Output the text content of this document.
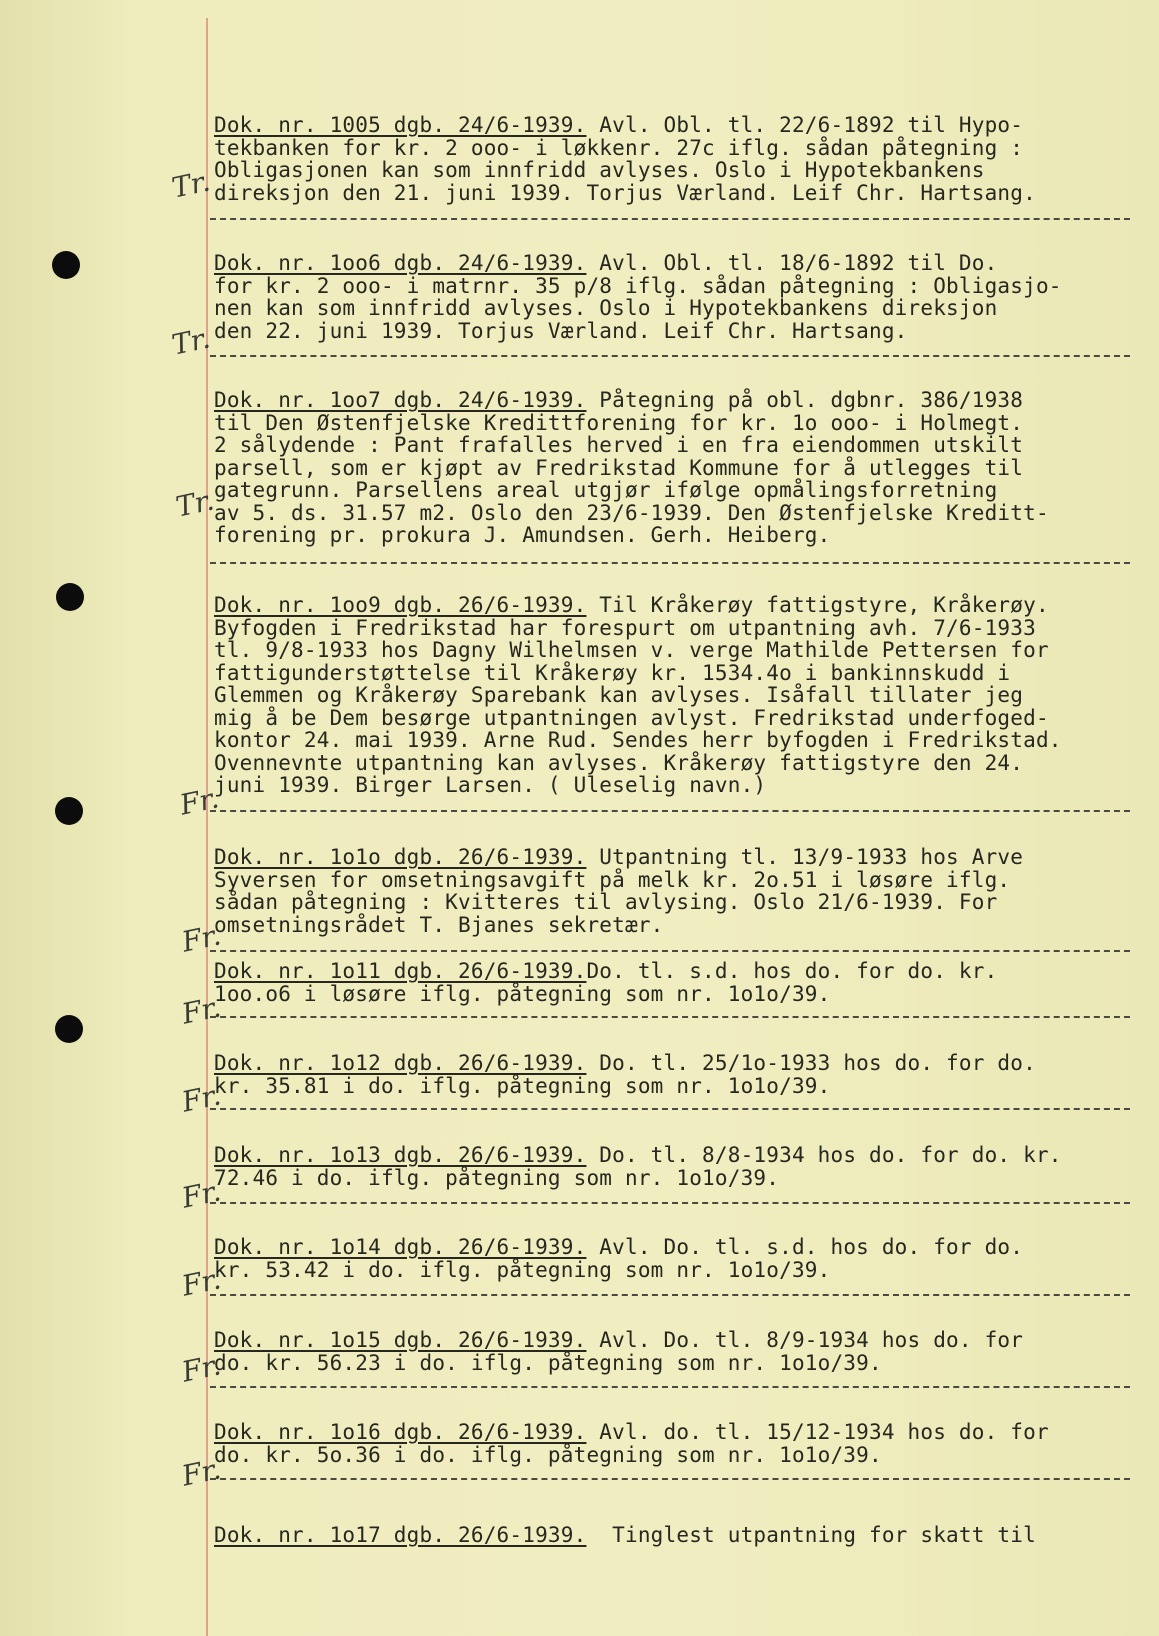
Dok. nr. 1005 dgb. 24/6-1939. Avl. Obl. tl. 22/6-1892 til Hypo-
tekbanken for kr. 2 ooo- i løkkenr. 27c iflg. sådan påtegning :
Obligasjonen kan som innfridd avlyses. Oslo i Hypotekbankens
direksjon den 21. juni 1939. Torjus Værland. Leif Chr. Hartsang.
Tr.
Dok. nr. 1oo6 dgb. 24/6-1939. Avl. Obl. tl. 18/6-1892 til Do.
for kr. 2 ooo- i matrnr. 35 p/8 iflg. sådan påtegning : Obligasjo-
nen kan som innfridd avlyses. Oslo i Hypotekbankens direksjon
den 22. juni 1939. Torjus Værland. Leif Chr. Hartsang.
Tr.
Dok. nr. 1oo7 dgb. 24/6-1939. Påtegning på obl. dgbnr. 386/1938
til Den Østenfjelske Kredittforening for kr. 1o ooo- i Holmegt.
2 sålydende : Pant frafalles herved i en fra eiendommen utskilt
parsell, som er kjøpt av Fredrikstad Kommune for å utlegges til
gategrunn. Parsellens areal utgjør ifølge opmålingsforretning
av 5. ds. 31.57 m2. Oslo den 23/6-1939. Den Østenfjelske Kreditt-
forening pr. prokura J. Amundsen. Gerh. Heiberg.
Tr.
Dok. nr. 1oo9 dgb. 26/6-1939. Til Kråkerøy fattigstyre, Kråkerøy.
Byfogden i Fredrikstad har forespurt om utpantning avh. 7/6-1933
tl. 9/8-1933 hos Dagny Wilhelmsen v. verge Mathilde Pettersen for
fattigunderstøttelse til Kråkerøy kr. 1534.4o i bankinnskudd i
Glemmen og Kråkerøy Sparebank kan avlyses. Isåfall tillater jeg
mig å be Dem besørge utpantningen avlyst. Fredrikstad underfoged-
kontor 24. mai 1939. Arne Rud. Sendes herr byfogden i Fredrikstad.
Ovennevnte utpantning kan avlyses. Kråkerøy fattigstyre den 24.
juni 1939. Birger Larsen. ( Uleselig navn.)
Fr.
Dok. nr. 1o1o dgb. 26/6-1939. Utpantning tl. 13/9-1933 hos Arve
Syversen for omsetningsavgift på melk kr. 2o.51 i løsøre iflg.
sådan påtegning : Kvitteres til avlysing. Oslo 21/6-1939. For
omsetningsrådet T. Bjanes sekretær.
Fr.
Dok. nr. 1o11 dgb. 26/6-1939.Do. tl. s.d. hos do. for do. kr.
1oo.o6 i løsøre iflg. påtegning som nr. 1o1o/39.
Fr.
Dok. nr. 1o12 dgb. 26/6-1939. Do. tl. 25/1o-1933 hos do. for do.
kr. 35.81 i do. iflg. påtegning som nr. 1o1o/39.
Fr.
Dok. nr. 1o13 dgb. 26/6-1939. Do. tl. 8/8-1934 hos do. for do. kr.
72.46 i do. iflg. påtegning som nr. 1o1o/39.
Fr.
Dok. nr. 1o14 dgb. 26/6-1939. Avl. Do. tl. s.d. hos do. for do.
kr. 53.42 i do. iflg. påtegning som nr. 1o1o/39.
Fr.
Dok. nr. 1o15 dgb. 26/6-1939. Avl. Do. tl. 8/9-1934 hos do. for
do. kr. 56.23 i do. iflg. påtegning som nr. 1o1o/39.
Fr.
Dok. nr. 1o16 dgb. 26/6-1939. Avl. do. tl. 15/12-1934 hos do. for
do. kr. 5o.36 i do. iflg. påtegning som nr. 1o1o/39.
Fr.
Dok. nr. 1o17 dgb. 26/6-1939.  Tinglest utpantning for skatt til
